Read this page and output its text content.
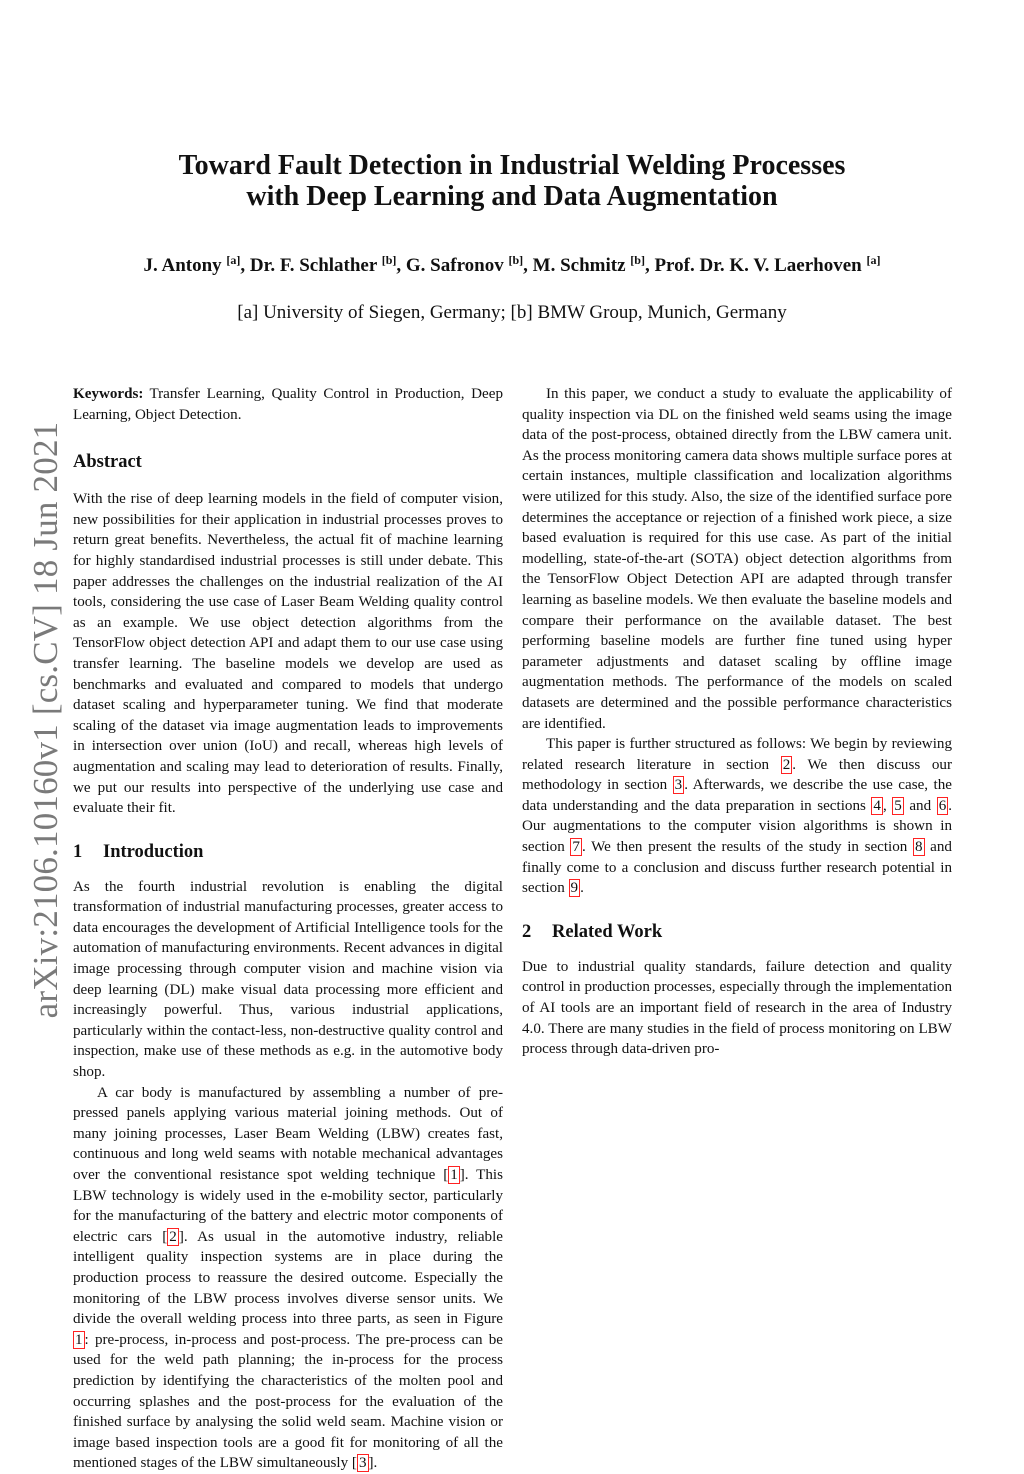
arXiv:2106.10160v1 [cs.CV] 18 Jun 2021
Toward Fault Detection in Industrial Welding Processes
with Deep Learning and Data Augmentation
J. Antony [a], Dr. F. Schlather [b], G. Safronov [b], M. Schmitz [b], Prof. Dr. K. V. Laerhoven [a]
[a] University of Siegen, Germany; [b] BMW Group, Munich, Germany

Keywords: Transfer Learning, Quality Control in Production, Deep Learning, Object Detection.

Abstract

With the rise of deep learning models in the field of computer vision, new possibilities for their application in industrial processes proves to return great benefits. Nevertheless, the actual fit of machine learning for highly standardised industrial processes is still under debate. This paper addresses the challenges on the industrial realization of the AI tools, considering the use case of Laser Beam Welding quality control as an example. We use object detection algorithms from the TensorFlow object detection API and adapt them to our use case using transfer learning. The baseline models we develop are used as benchmarks and evaluated and compared to models that undergo dataset scaling and hyperparameter tuning. We find that moderate scaling of the dataset via image augmentation leads to improvements in intersection over union (IoU) and recall, whereas high levels of augmentation and scaling may lead to deterioration of results. Finally, we put our results into perspective of the underlying use case and evaluate their fit.

1 Introduction

As the fourth industrial revolution is enabling the digital transformation of industrial manufacturing processes, greater access to data encourages the development of Artificial Intelligence tools for the automation of manufacturing environments. Recent advances in digital image processing through computer vision and machine vision via deep learning (DL) make visual data processing more efficient and increasingly powerful. Thus, various industrial applications, particularly within the contact-less, non-destructive quality control and inspection, make use of these methods as e.g. in the automotive body shop.

A car body is manufactured by assembling a number of pre-pressed panels applying various material joining methods. Out of many joining processes, Laser Beam Welding (LBW) creates fast, continuous and long weld seams with notable mechanical advantages over the conventional resistance spot welding technique [ 1 ]. This LBW technology is widely used in the e-mobility sector, particularly for the manufacturing of the battery and electric motor components of electric cars [ 2 ]. As usual in the automotive industry, reliable intelligent quality inspection systems are in place during the production process to reassure the desired outcome. Especially the monitoring of the LBW process involves diverse sensor units. We divide the overall welding process into three parts, as seen in Figure 1 : pre-process, in-process and post-process. The pre-process can be used for the weld path planning; the in-process for the process prediction by identifying the characteristics of the molten pool and occurring splashes and the post-process for the evaluation of the finished surface by analysing the solid weld seam. Machine vision or image based inspection tools are a good fit for monitoring of all the mentioned stages of the LBW simultaneously [ 3 ].

In this paper, we conduct a study to evaluate the applicability of quality inspection via DL on the finished weld seams using the image data of the post-process, obtained directly from the LBW camera unit. As the process monitoring camera data shows multiple surface pores at certain instances, multiple classification and localization algorithms were utilized for this study. Also, the size of the identified surface pore determines the acceptance or rejection of a finished work piece, a size based evaluation is required for this use case. As part of the initial modelling, state-of-the-art (SOTA) object detection algorithms from the TensorFlow Object Detection API are adapted through transfer learning as baseline models. We then evaluate the baseline models and compare their performance on the available dataset. The best performing baseline models are further fine tuned using hyper parameter adjustments and dataset scaling by offline image augmentation methods. The performance of the models on scaled datasets are determined and the possible performance characteristics are identified.

This paper is further structured as follows: We begin by reviewing related research literature in section 2 . We then discuss our methodology in section 3 . Afterwards, we describe the use case, the data understanding and the data preparation in sections 4 , 5 and 6 . Our augmentations to the computer vision algorithms is shown in section 7 . We then present the results of the study in section 8 and finally come to a conclusion and discuss further research potential in section 9 .

2 Related Work

Due to industrial quality standards, failure detection and quality control in production processes, especially through the implementation of AI tools are an important field of research in the area of Industry 4.0. There are many studies in the field of process monitoring on LBW process through data-driven pro-
